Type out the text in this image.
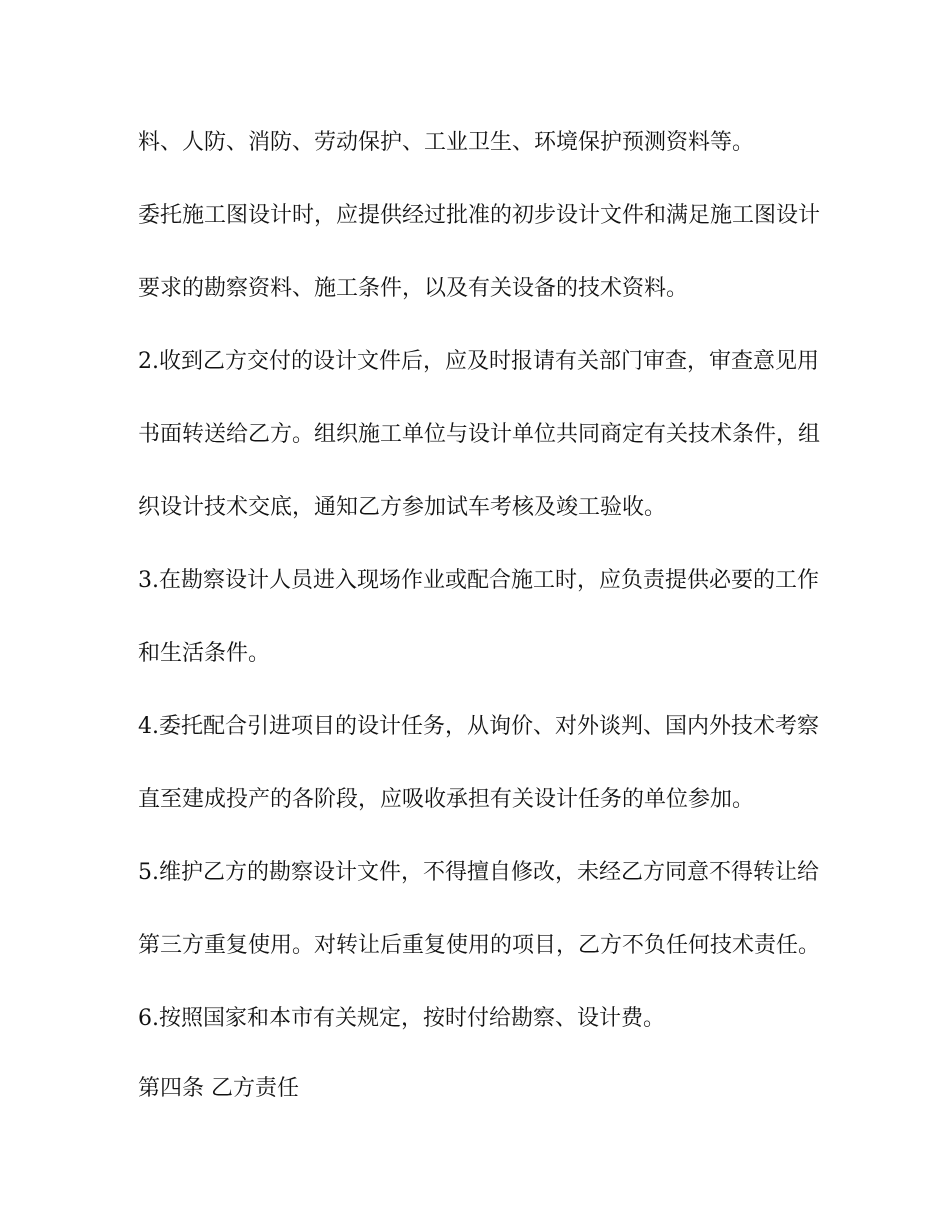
料、人防、消防、劳动保护、工业卫生、环境保护预测资料等。
委托施工图设计时，应提供经过批准的初步设计文件和满足施工图设计
要求的勘察资料、施工条件，以及有关设备的技术资料。
2.收到乙方交付的设计文件后，应及时报请有关部门审查，审查意见用
书面转送给乙方。组织施工单位与设计单位共同商定有关技术条件，组
织设计技术交底，通知乙方参加试车考核及竣工验收。
3.在勘察设计人员进入现场作业或配合施工时，应负责提供必要的工作
和生活条件。
4.委托配合引进项目的设计任务，从询价、对外谈判、国内外技术考察
直至建成投产的各阶段，应吸收承担有关设计任务的单位参加。
5.维护乙方的勘察设计文件，不得擅自修改，未经乙方同意不得转让给
第三方重复使用。对转让后重复使用的项目，乙方不负任何技术责任。
6.按照国家和本市有关规定，按时付给勘察、设计费。
第四条 乙方责任
